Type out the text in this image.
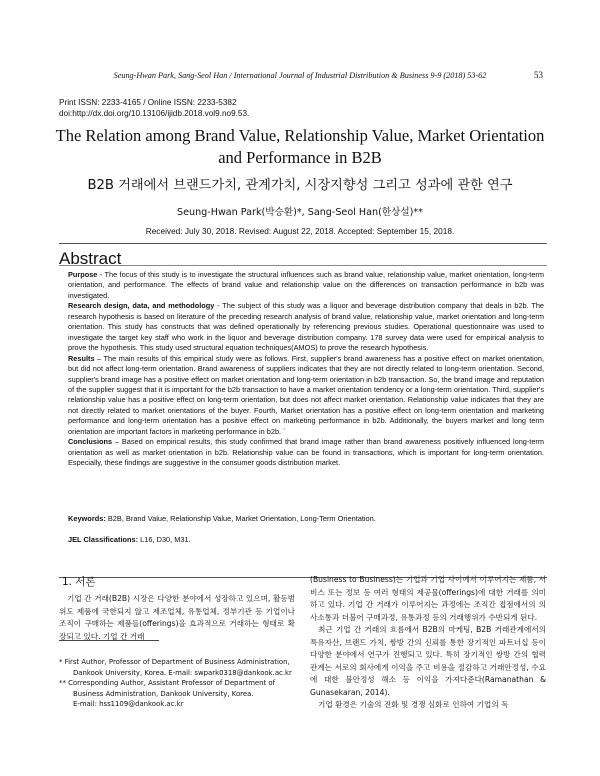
Seung-Hwan Park, Sang-Seol Han / International Journal of Industrial Distribution & Business 9-9 (2018) 53-62	53
Print ISSN: 2233-4165 / Online ISSN: 2233-5382
doi:http://dx.doi.org/10.13106/ijidb.2018.vol9.no9.53.
The Relation among Brand Value, Relationship Value, Market Orientation
and Performance in B2B
B2B 거래에서 브랜드가치, 관계가치, 시장지향성 그리고 성과에 관한 연구
Seung-Hwan Park(박승환)*, Sang-Seol Han(한상설)**
Received: July 30, 2018. Revised: August 22, 2018. Accepted: September 15, 2018.
Abstract

Purpose - The focus of this study is to investigate the structural influences such as brand value, relationship value, market orientation, long-term orientation, and performance. The effects of brand value and relationship value on the differences on transaction performance in b2b was investigated.

Research design, data, and methodology - The subject of this study was a liquor and beverage distribution company that deals in b2b. The research hypothesis is based on literature of the preceding research analysis of brand value, relationship value, market orientation and long-term orientation. This study has constructs that was defined operationally by referencing previous studies. Operational questionnaire was used to investigate the target key staff who work in the liquor and beverage distribution company. 178 survey data were used for empirical analysis to prove the hypothesis. This study used structural equation techniques(AMOS) to prove the research hypothesis.

Results – The main results of this empirical study were as follows. First, supplier's brand awareness has a positive effect on market orientation, but did not affect long-term orientation. Brand awareness of suppliers indicates that they are not directly related to long-term orientation. Second, supplier's brand image has a positive effect on market orientation and long-term orientation in b2b transaction. So, the brand image and reputation of the supplier suggest that it is important for the b2b transaction to have a market orientation tendency or a long-term orientation. Third, supplier's relationship value has a positive effect on long-term orientation, but does not affect market orientation. Relationship value indicates that they are not directly related to market orientations of the buyer. Fourth, Market orientation has a positive effect on long-term orientation and marketing performance and long-term orientation has a positive effect on marketing performance in b2b. Additionally, the buyers market and long term orientation are important factors in marketing performance in b2b. `

Conclusions – Based on empirical results, this study confirmed that brand image rather than brand awareness positively influenced long-term orientation as well as market orientation in b2b. Relationship value can be found in transactions, which is important for long-term orientation. Especially, these findings are suggestive in the consumer goods distribution market.

Keywords: B2B, Brand Value, Relationship Value, Market Orientation, Long-Term Orientation.
JEL Classifications: L16, D30, M31.
1. 서론

기업 간 거래(B2B) 시장은 다양한 분야에서 성장하고 있으며, 활동범위도 제품에 국한되지 않고 제조업체, 유통업체, 정부기관 등 기업이나 조직이 구매하는 제품들(offerings)을 효과적으로 거래하는 형태로 확장되고 있다. 기업 간 거래

(Business to Business)는 기업과 기업 사이에서 이루어지는 제품, 서비스 또는 정보 등 여러 형태의 제공물(offerings)에 대한 거래를 의미하고 있다. 기업 간 거래가 이루어지는 과정에는 조직간 접점에서의 의사소통과 더불어 구매과정, 유통과정 등의 거래행위가 수반되게 된다.

최근 기업 간 거래의 흐름에서 B2B의 마케팅, B2B 거래관계에서의 특유자산, 브랜드 가치, 쌍방 간의 신뢰를 통한 장기적인 파트너십 등이 다양한 분야에서 연구가 진행되고 있다. 특히 장기적인 쌍방 간의 협력관계는 서로의 회사에게 이익을 주고 비용을 절감하고 거래안정성, 수요에 대한 불안정성 해소 등 이익을 가져다준다(Ramanathan & Gunasekaran, 2014).

기업 환경은 기술의 진화 및 경쟁 심화로 인하여 기업의 독

* First Author, Professor of Department of Business Administration,

Dankook University, Korea. E-mail: swpark0318@dankook.ac.kr

** Corresponding Author, Assistant Professor of Department of

Business Administration, Dankook University, Korea.

E-mail: hss1109@dankook.ac.kr
